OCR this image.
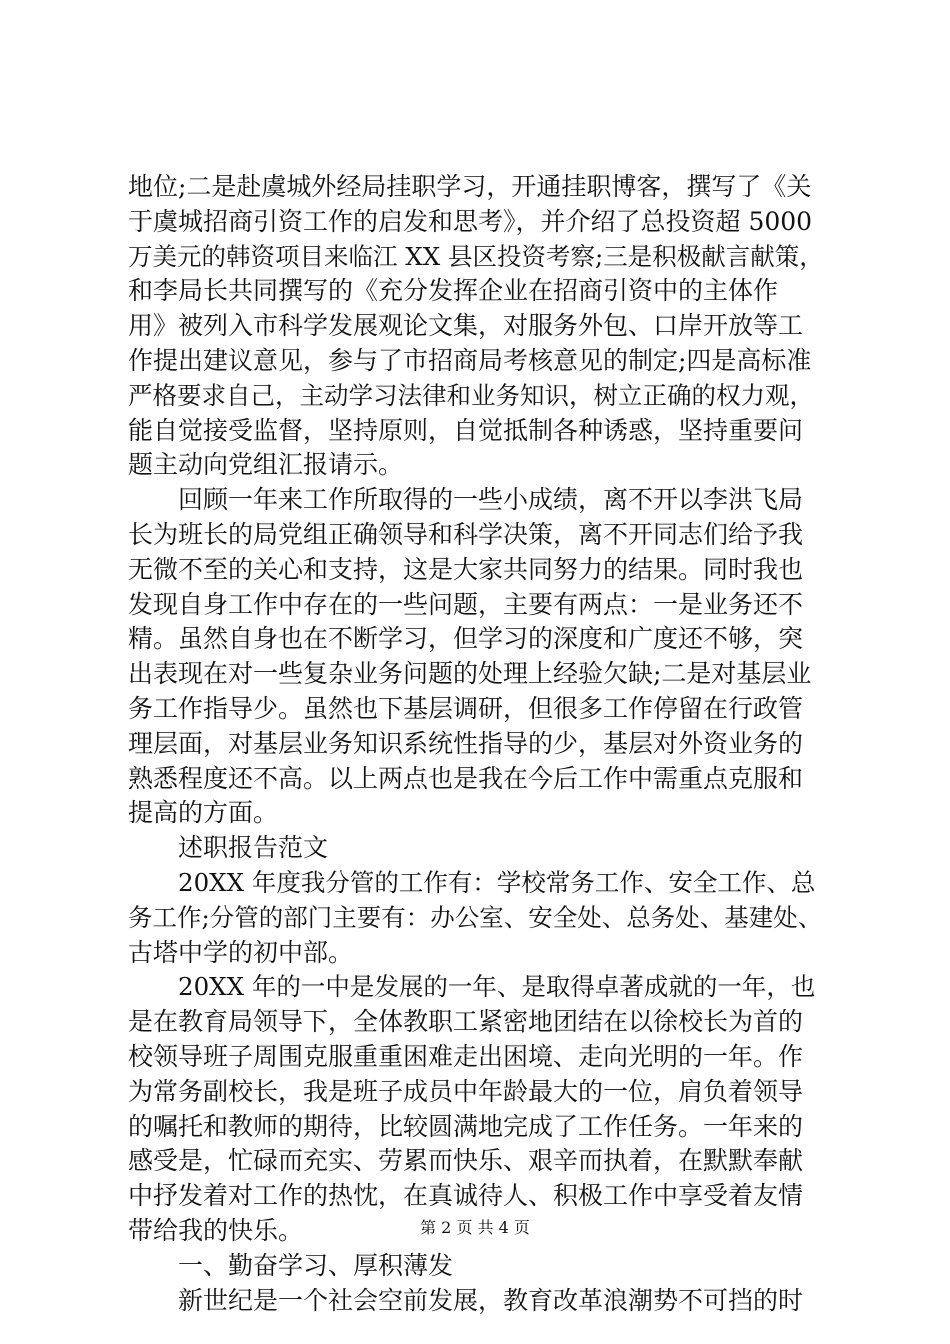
地位;二是赴虞城外经局挂职学习，开通挂职博客，撰写了《关
于虞城招商引资工作的启发和思考》，并介绍了总投资超 5000
万美元的韩资项目来临江 XX 县区投资考察;三是积极献言献策，
和李局长共同撰写的《充分发挥企业在招商引资中的主体作
用》被列入市科学发展观论文集，对服务外包、口岸开放等工
作提出建议意见，参与了市招商局考核意见的制定;四是高标准
严格要求自己，主动学习法律和业务知识，树立正确的权力观，
能自觉接受监督，坚持原则，自觉抵制各种诱惑，坚持重要问
题主动向党组汇报请示。
回顾一年来工作所取得的一些小成绩，离不开以李洪飞局
长为班长的局党组正确领导和科学决策，离不开同志们给予我
无微不至的关心和支持，这是大家共同努力的结果。同时我也
发现自身工作中存在的一些问题，主要有两点：一是业务还不
精。虽然自身也在不断学习，但学习的深度和广度还不够，突
出表现在对一些复杂业务问题的处理上经验欠缺;二是对基层业
务工作指导少。虽然也下基层调研，但很多工作停留在行政管
理层面，对基层业务知识系统性指导的少，基层对外资业务的
熟悉程度还不高。以上两点也是我在今后工作中需重点克服和
提高的方面。
述职报告范文
20XX 年度我分管的工作有：学校常务工作、安全工作、总
务工作;分管的部门主要有：办公室、安全处、总务处、基建处、
古塔中学的初中部。
20XX 年的一中是发展的一年、是取得卓著成就的一年，也
是在教育局领导下，全体教职工紧密地团结在以徐校长为首的
校领导班子周围克服重重困难走出困境、走向光明的一年。作
为常务副校长，我是班子成员中年龄最大的一位，肩负着领导
的嘱托和教师的期待，比较圆满地完成了工作任务。一年来的
感受是，忙碌而充实、劳累而快乐、艰辛而执着，在默默奉献
中抒发着对工作的热忱，在真诚待人、积极工作中享受着友情
带给我的快乐。
一、勤奋学习、厚积薄发
新世纪是一个社会空前发展，教育改革浪潮势不可挡的时
第 2 页 共 4 页
